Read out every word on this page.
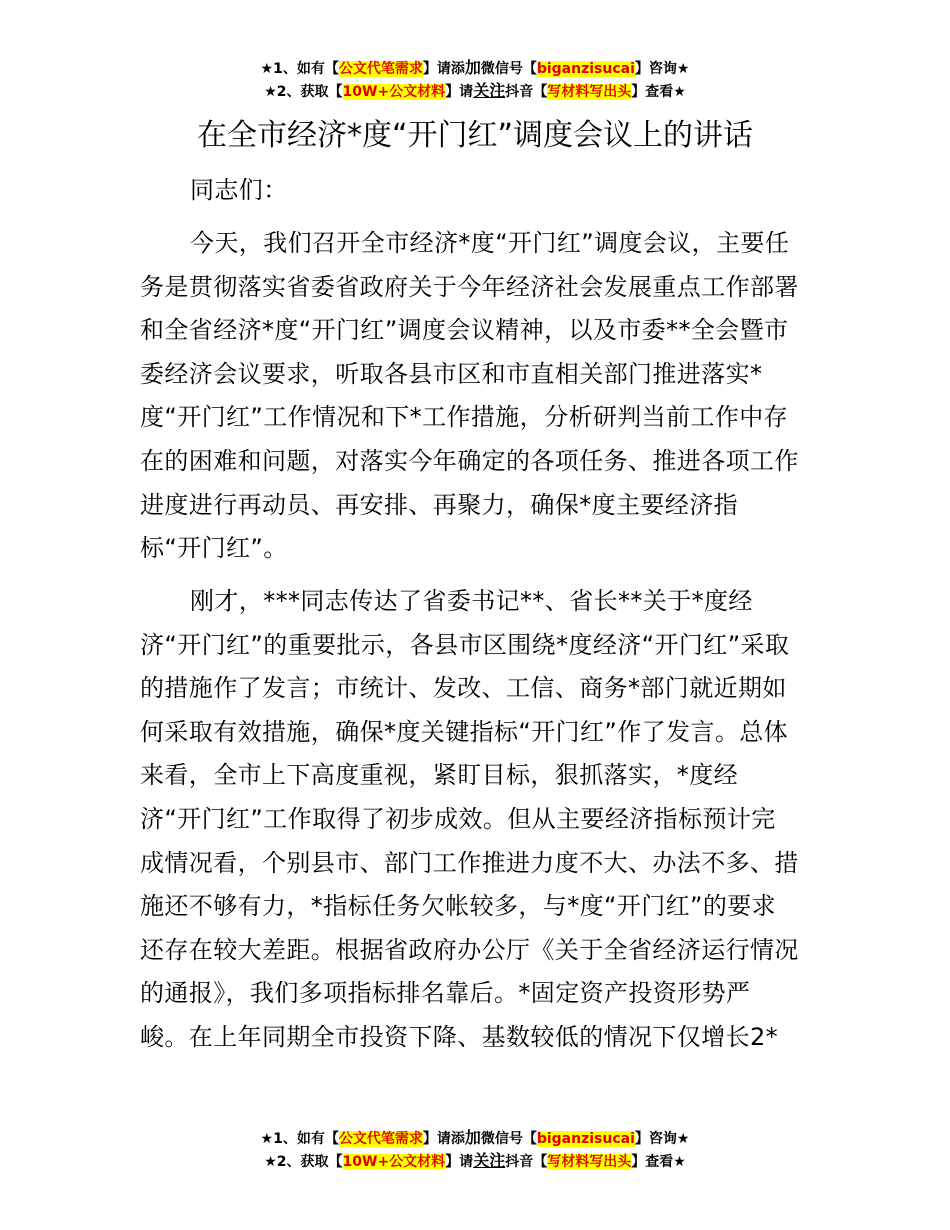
★1、如有【公文代笔需求】请添加微信号【biganzisucai】咨询★
★2、获取【10W+公文材料】请关注抖音【写材料写出头】查看★
在全市经济*度“开门红”调度会议上的讲话
同志们：
今天，我们召开全市经济*度“开门红”调度会议，主要任
务是贯彻落实省委省政府关于今年经济社会发展重点工作部署
和全省经济*度“开门红”调度会议精神，以及市委**全会暨市
委经济会议要求，听取各县市区和市直相关部门推进落实*
度“开门红”工作情况和下*工作措施，分析研判当前工作中存
在的困难和问题，对落实今年确定的各项任务、推进各项工作
进度进行再动员、再安排、再聚力，确保*度主要经济指
标“开门红”。
刚才，***同志传达了省委书记**、省长**关于*度经
济“开门红”的重要批示，各县市区围绕*度经济“开门红”采取
的措施作了发言；市统计、发改、工信、商务*部门就近期如
何采取有效措施，确保*度关键指标“开门红”作了发言。总体
来看，全市上下高度重视，紧盯目标，狠抓落实，*度经
济“开门红”工作取得了初步成效。但从主要经济指标预计完
成情况看，个别县市、部门工作推进力度不大、办法不多、措
施还不够有力，*指标任务欠帐较多，与*度“开门红”的要求
还存在较大差距。根据省政府办公厅《关于全省经济运行情况
的通报》，我们多项指标排名靠后。*固定资产投资形势严
峻。在上年同期全市投资下降、基数较低的情况下仅增长2*
★1、如有【公文代笔需求】请添加微信号【biganzisucai】咨询★
★2、获取【10W+公文材料】请关注抖音【写材料写出头】查看★
